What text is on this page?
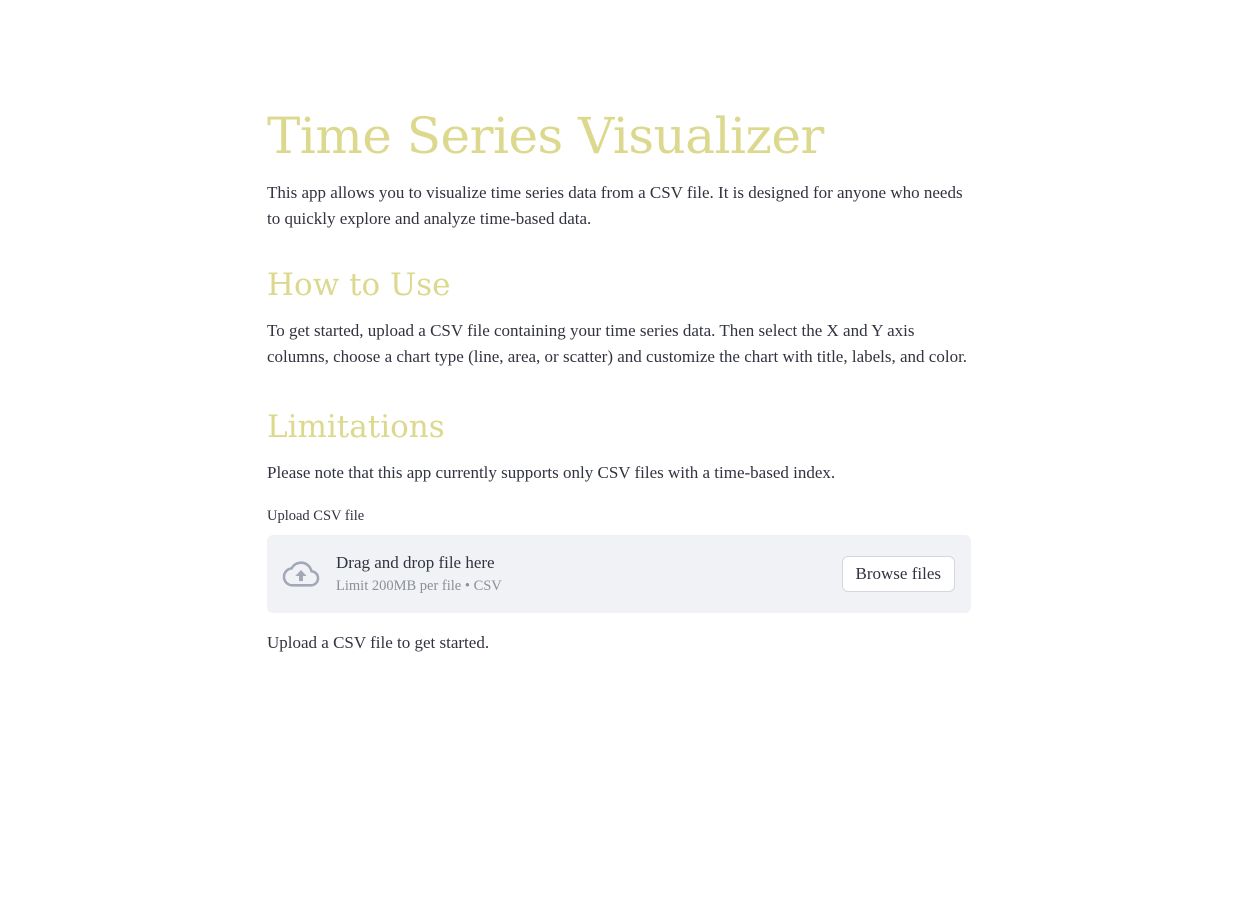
Time Series Visualizer

This app allows you to visualize time series data from a CSV file. It is designed for anyone who needs to quickly explore and analyze time-based data.

How to Use

To get started, upload a CSV file containing your time series data. Then select the X and Y axis columns, choose a chart type (line, area, or scatter) and customize the chart with title, labels, and color.

Limitations

Please note that this app currently supports only CSV files with a time-based index.

Upload CSV file
Drag and drop file here
Limit 200MB per file • CSV
Browse files

Upload a CSV file to get started.
